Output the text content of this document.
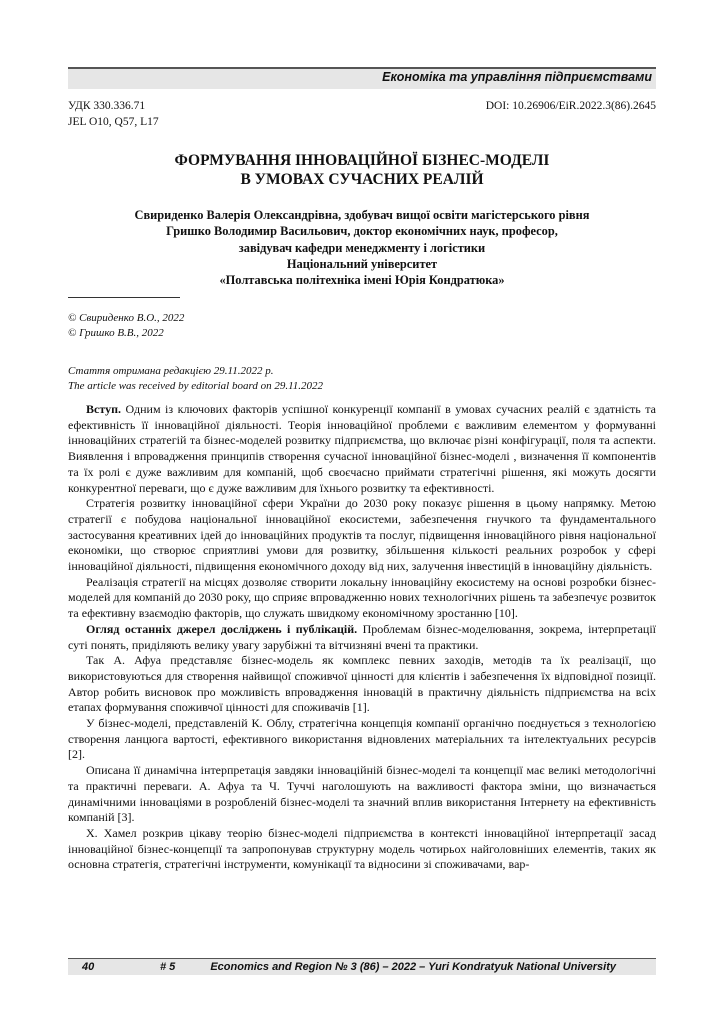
Економіка та управління підприємствами
УДК 330.336.71	DOI: 10.26906/EiR.2022.3(86).2645
JEL O10, Q57, L17
ФОРМУВАННЯ ІННОВАЦІЙНОЇ БІЗНЕС-МОДЕЛІ
В УМОВАХ СУЧАСНИХ РЕАЛІЙ
Свириденко Валерія Олександрівна, здобувач вищої освіти магістерського рівня
Гришко Володимир Васильович, доктор економічних наук, професор,
завідувач кафедри менеджменту і логістики
Національний університет
«Полтавська політехніка імені Юрія Кондратюка»
© Свириденко В.О., 2022
© Гришко В.В., 2022
Стаття отримана редакцією 29.11.2022 р.
The article was received by editorial board on 29.11.2022

Вступ. Одним із ключових факторів успішної конкуренції компанії в умовах сучасних реалій є здатність та ефективність її інноваційної діяльності. Теорія інноваційної проблеми є важливим елементом у формуванні інноваційних стратегій та бізнес-моделей розвитку підприємства, що включає різні конфігурації, поля та аспекти. Виявлення і впровадження принципів створення сучасної інноваційної бізнес-моделі , визначення її компонентів та їх ролі є дуже важливим для компаній, щоб своєчасно приймати стратегічні рішення, які можуть досягти конкурентної переваги, що є дуже важливим для їхнього розвитку та ефективності.

Стратегія розвитку інноваційної сфери України до 2030 року показує рішення в цьому напрямку. Метою стратегії є побудова національної інноваційної екосистеми, забезпечення гнучкого та фундаментального застосування креативних ідей до інноваційних продуктів та послуг, підвищення інноваційного рівня національної економіки, що створює сприятливі умови для розвитку, збільшення кількості реальних розробок у сфері інноваційної діяльності, підвищення економічного доходу від них, залучення інвестицій в інноваційну діяльність.

Реалізація стратегії на місцях дозволяє створити локальну інноваційну екосистему на основі розробки бізнес-моделей для компаній до 2030 року, що сприяє впровадженню нових технологічних рішень та забезпечує розвиток та ефективну взаємодію факторів, що служать швидкому економічному зростанню [10].

Огляд останніх джерел досліджень і публікацій. Проблемам бізнес-моделювання, зокрема, інтерпретації суті понять, приділяють велику увагу зарубіжні та вітчизняні вчені та практики.

Так А. Афуа представляє бізнес-модель як комплекс певних заходів, методів та їх реалізації, що використовуються для створення найвищої споживчої цінності для клієнтів і забезпечення їх відповідної позиції. Автор робить висновок про можливість впровадження інновацій в практичну діяльність підприємства на всіх етапах формування споживчої цінності для споживачів [1].

У бізнес-моделі, представленій К. Облу, стратегічна концепція компанії органічно поєднується з технологією створення ланцюга вартості, ефективного використання відновлених матеріальних та інтелектуальних ресурсів [2].

Описана її динамічна інтерпретація завдяки інноваційній бізнес-моделі та концепції має великі методологічні та практичні переваги. А. Афуа та Ч. Туччі наголошують на важливості фактора зміни, що визначається динамічними інноваціями в розробленій бізнес-моделі та значний вплив використання Інтернету на ефективність компаній [3].

Х. Хамел розкрив цікаву теорію бізнес-моделі підприємства в контексті інноваційної інтерпретації засад інноваційної бізнес-концепції та запропонував структурну модель чотирьох найголовніших елементів, таких як основна стратегія, стратегічні інструменти, комунікації та відносини зі споживачами, вар-

40	# 5	Economics and Region № 3 (86) – 2022 – Yuri Kondratyuk National University
